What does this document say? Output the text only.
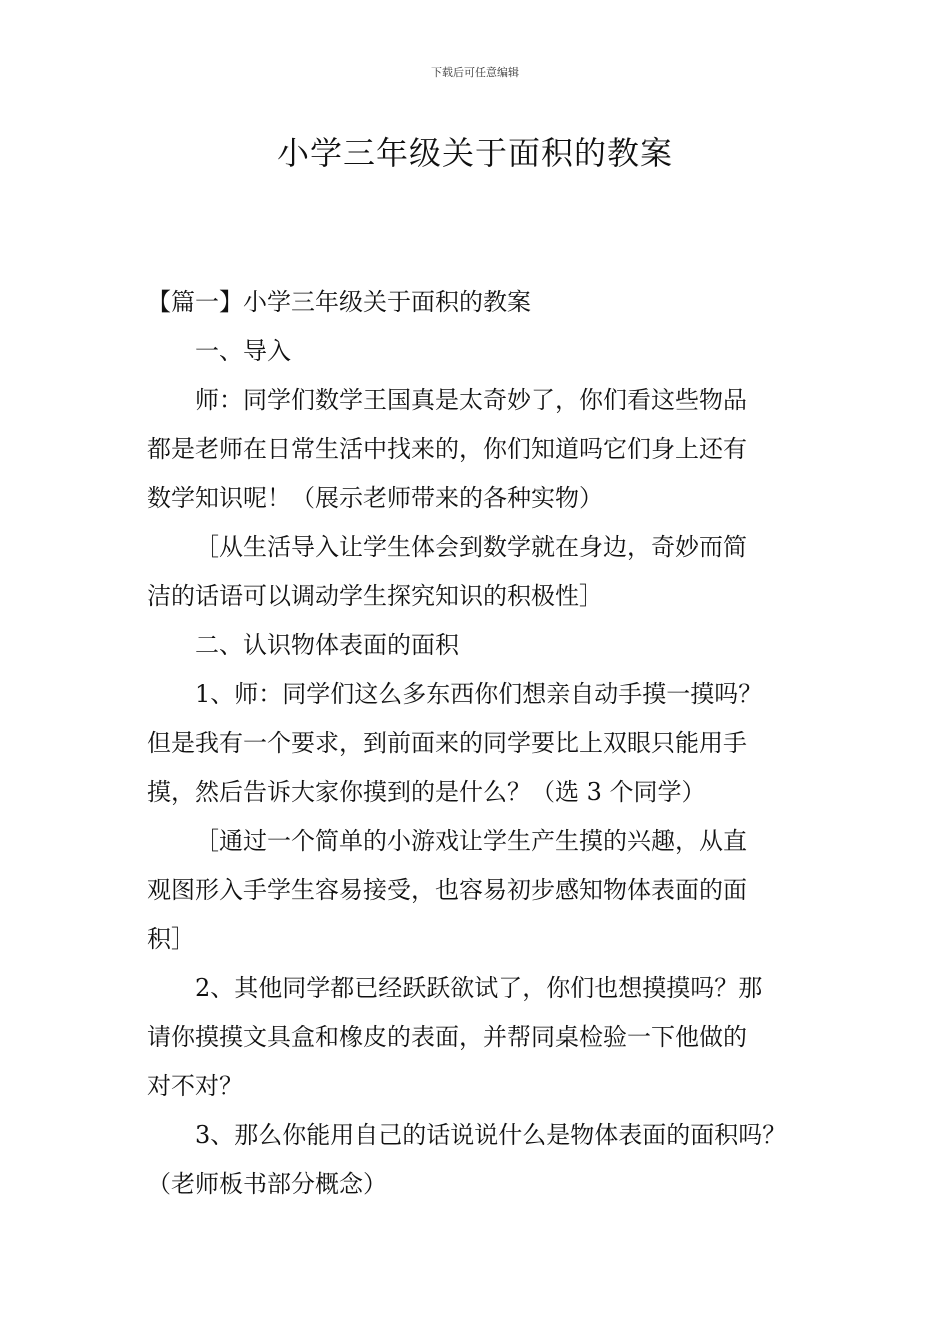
下载后可任意编辑
小学三年级关于面积的教案
【篇一】小学三年级关于面积的教案
一、导入
师：同学们数学王国真是太奇妙了，你们看这些物品
都是老师在日常生活中找来的，你们知道吗它们身上还有
数学知识呢！（展示老师带来的各种实物）
［从生活导入让学生体会到数学就在身边，奇妙而简
洁的话语可以调动学生探究知识的积极性］
二、认识物体表面的面积
1、师：同学们这么多东西你们想亲自动手摸一摸吗？
但是我有一个要求，到前面来的同学要比上双眼只能用手
摸，然后告诉大家你摸到的是什么？（选 3 个同学）
［通过一个简单的小游戏让学生产生摸的兴趣，从直
观图形入手学生容易接受，也容易初步感知物体表面的面
积］
2、其他同学都已经跃跃欲试了，你们也想摸摸吗？那
请你摸摸文具盒和橡皮的表面，并帮同桌检验一下他做的
对不对？
3、那么你能用自己的话说说什么是物体表面的面积吗？
（老师板书部分概念）
